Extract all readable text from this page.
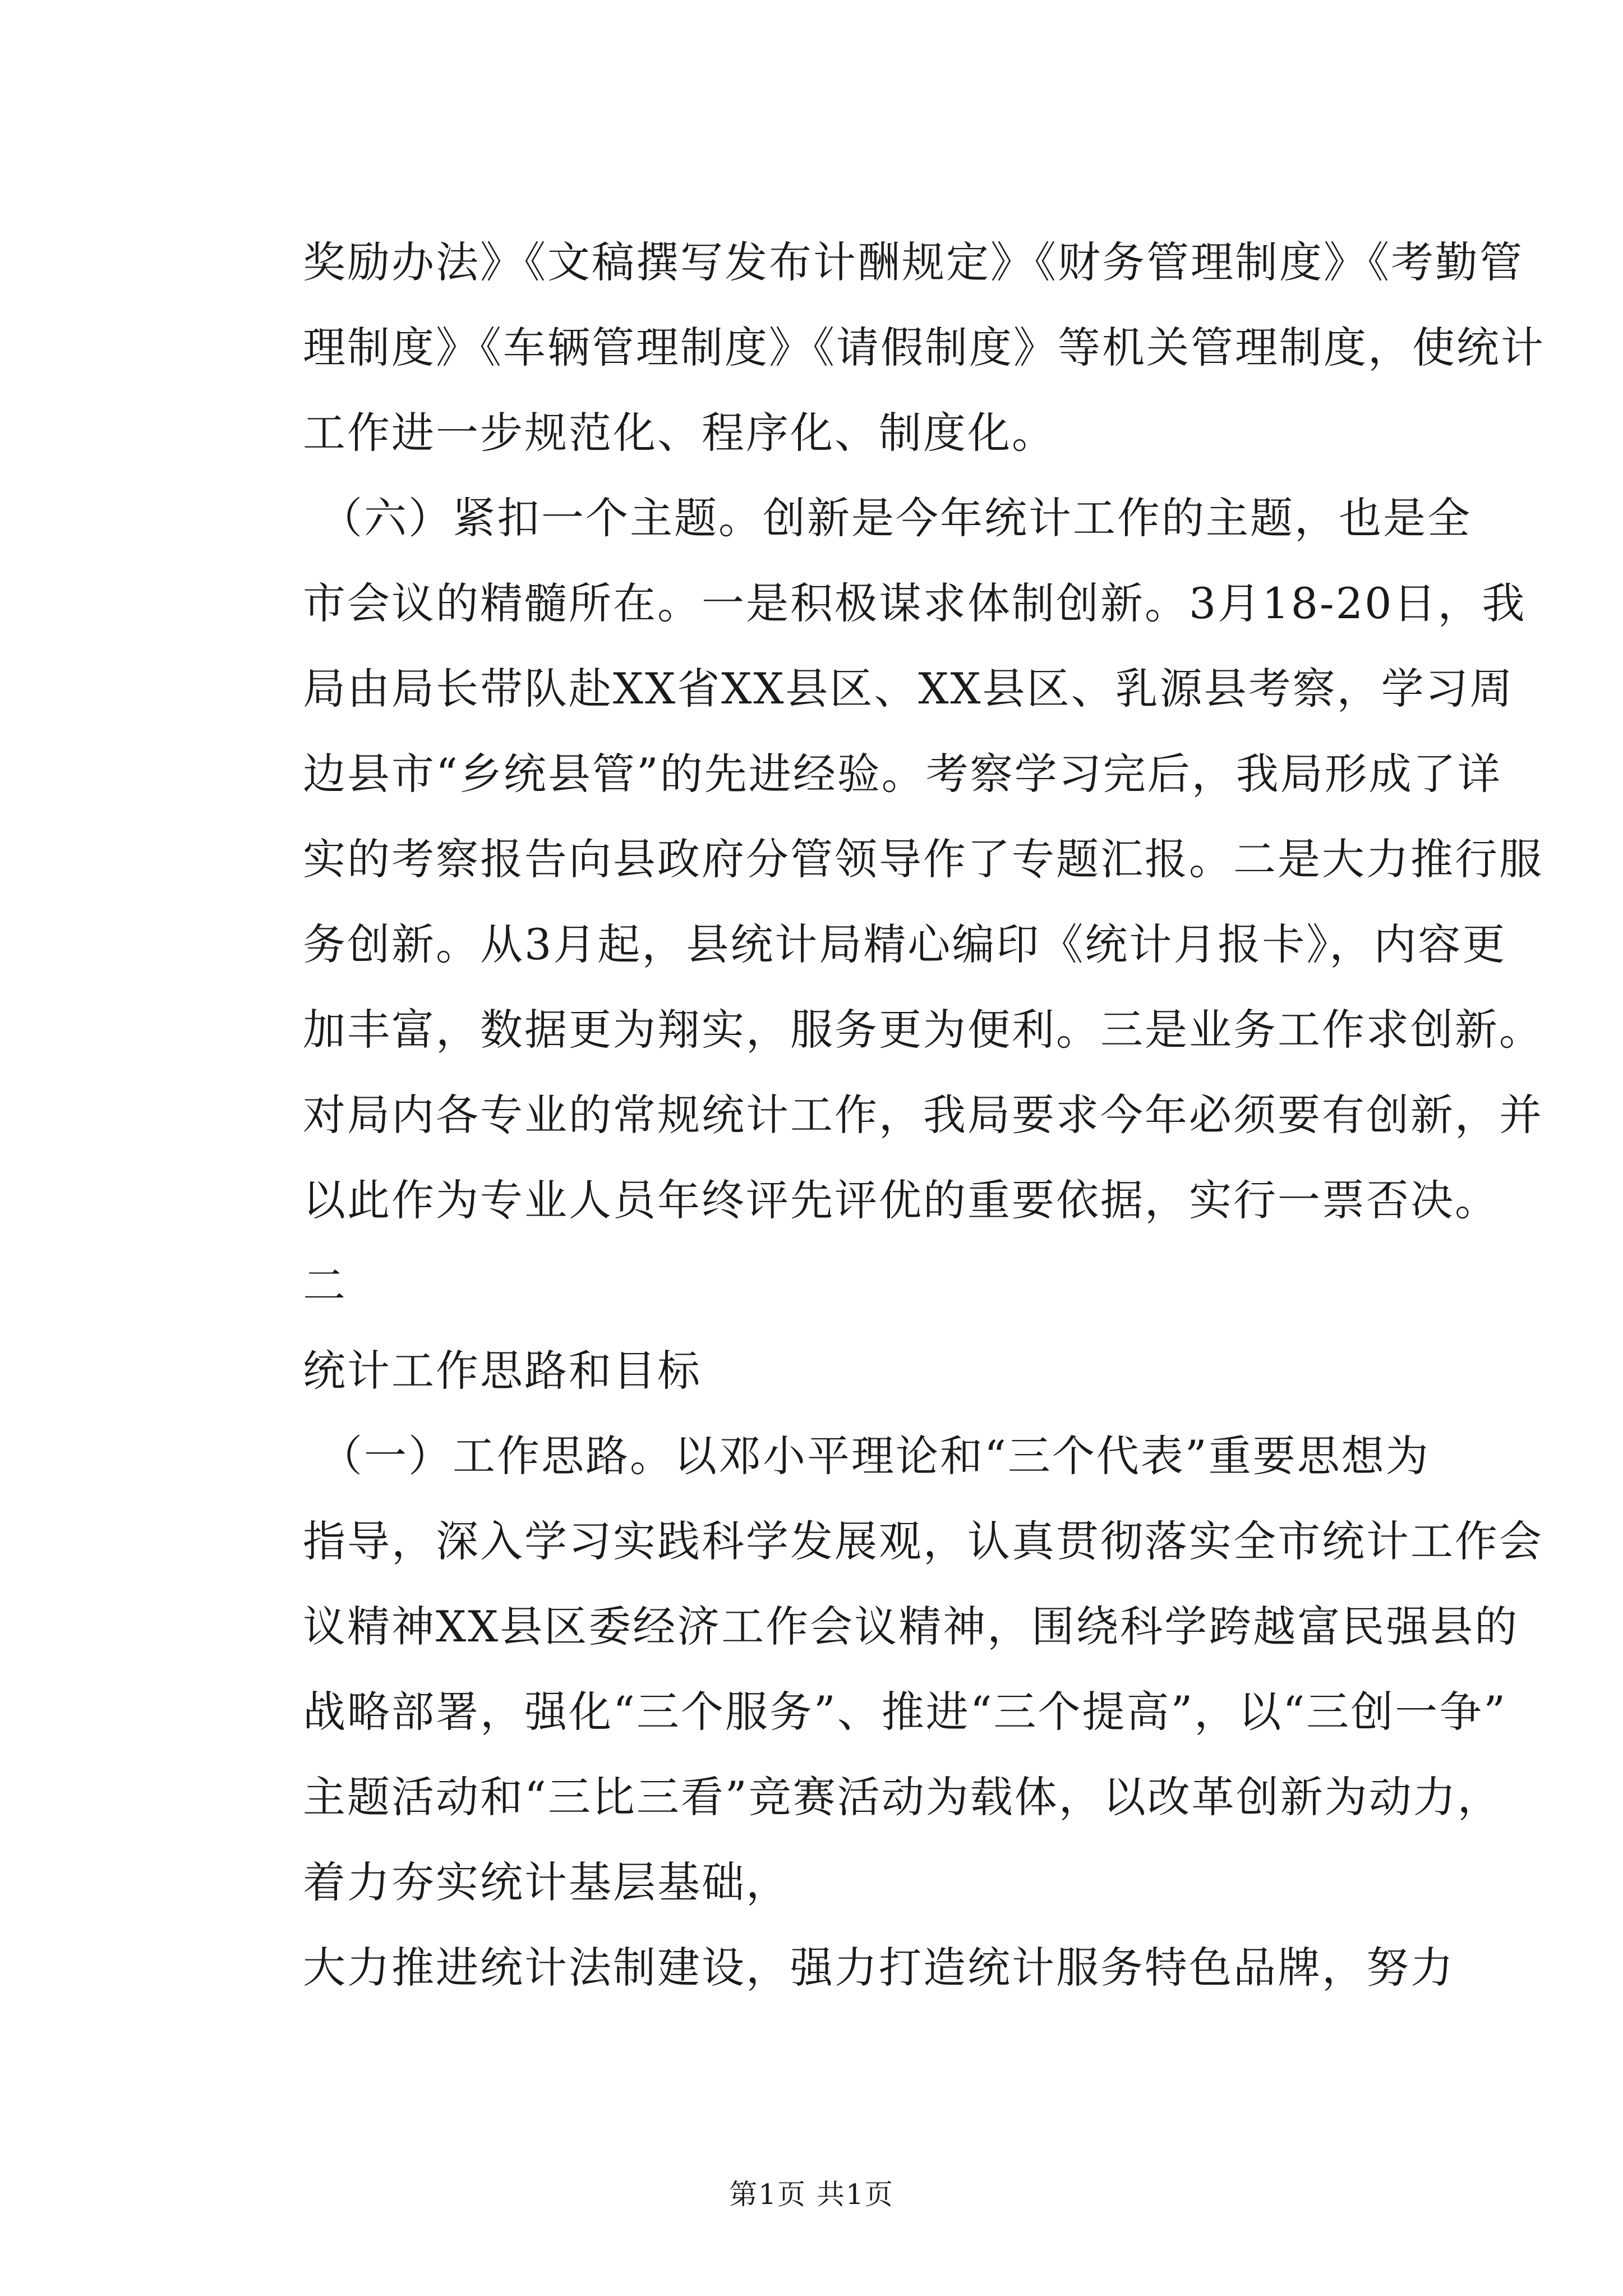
奖励办法》《文稿撰写发布计酬规定》《财务管理制度》《考勤管
理制度》《车辆管理制度》《请假制度》等机关管理制度，使统计
工作进一步规范化、程序化、制度化。
（六）紧扣一个主题。创新是今年统计工作的主题，也是全
市会议的精髓所在。一是积极谋求体制创新。3月18-20日，我
局由局长带队赴XX省XX县区、XX县区、乳源县考察，学习周
边县市“乡统县管”的先进经验。考察学习完后，我局形成了详
实的考察报告向县政府分管领导作了专题汇报。二是大力推行服
务创新。从3月起，县统计局精心编印《统计月报卡》，内容更
加丰富，数据更为翔实，服务更为便利。三是业务工作求创新。
对局内各专业的常规统计工作，我局要求今年必须要有创新，并
以此作为专业人员年终评先评优的重要依据，实行一票否决。
二
统计工作思路和目标
（一）工作思路。以邓小平理论和“三个代表”重要思想为
指导，深入学习实践科学发展观，认真贯彻落实全市统计工作会
议精神XX县区委经济工作会议精神，围绕科学跨越富民强县的
战略部署，强化“三个服务”、推进“三个提高”，以“三创一争”
主题活动和“三比三看”竞赛活动为载体，以改革创新为动力，
着力夯实统计基层基础，
大力推进统计法制建设，强力打造统计服务特色品牌，努力
第1页 共1页
